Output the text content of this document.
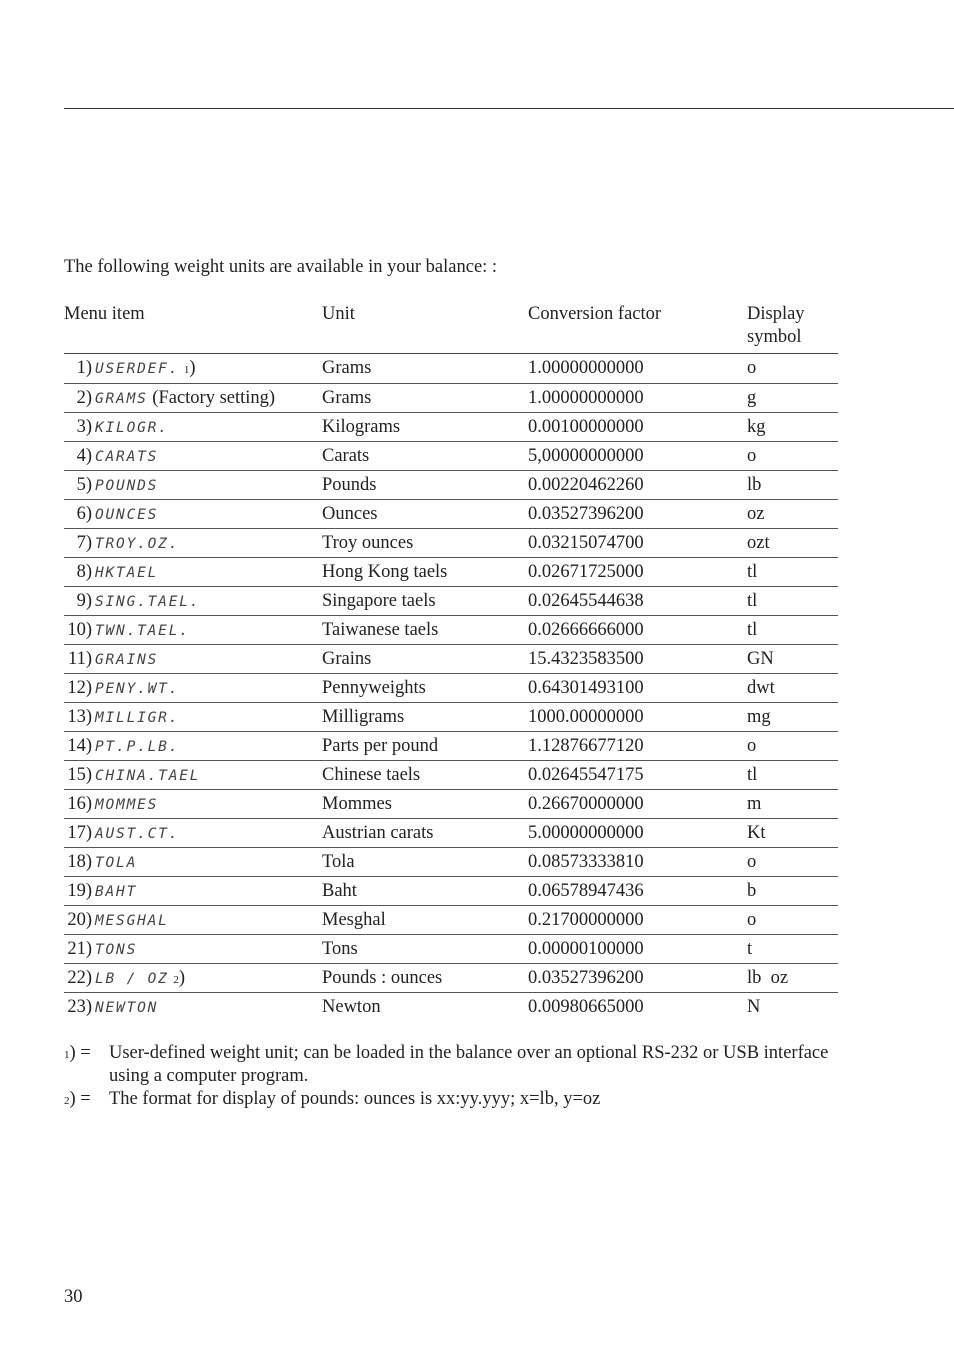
The following weight units are available in your balance: :

Menu item	Unit	Conversion factor	Display
symbol
1) USERDEF. $^1$)	Grams	1.00000000000	o
2) GRAMS (Factory setting)	Grams	1.00000000000	g
3) KILOGR.	Kilograms	0.00100000000	kg
4) CARATS	Carats	5,00000000000	o
5) POUNDS	Pounds	0.00220462260	lb
6) OUNCES	Ounces	0.03527396200	oz
7) TROY.OZ.	Troy ounces	0.03215074700	ozt
8) HKTAEL	Hong Kong taels	0.02671725000	tl
9) SING.TAEL.	Singapore taels	0.02645544638	tl
10) TWN.TAEL.	Taiwanese taels	0.02666666000	tl
11) GRAINS	Grains	15.4323583500	GN
12) PENY.WT.	Pennyweights	0.64301493100	dwt
13) MILLIGR.	Milligrams	1000.00000000	mg
14) PT.P.LB.	Parts per pound	1.12876677120	o
15) CHINA.TAEL	Chinese taels	0.02645547175	tl
16) MOMMES	Mommes	0.26670000000	m
17) AUST.CT.	Austrian carats	5.00000000000	Kt
18) TOLA	Tola	0.08573333810	o
19) BAHT	Baht	0.06578947436	b
20) MESGHAL	Mesghal	0.21700000000	o
21) TONS	Tons	0.00000100000	t
22) LB / OZ $^2$)	Pounds : ounces	0.03527396200	lb  oz
23) NEWTON	Newton	0.00980665000	N
$^1$) = User-defined weight unit; can be loaded in the balance over an optional RS-232 or USB interface using a computer program.
$^2$) = The format for display of pounds: ounces is xx:yy.yyy; x=lb, y=oz
30
